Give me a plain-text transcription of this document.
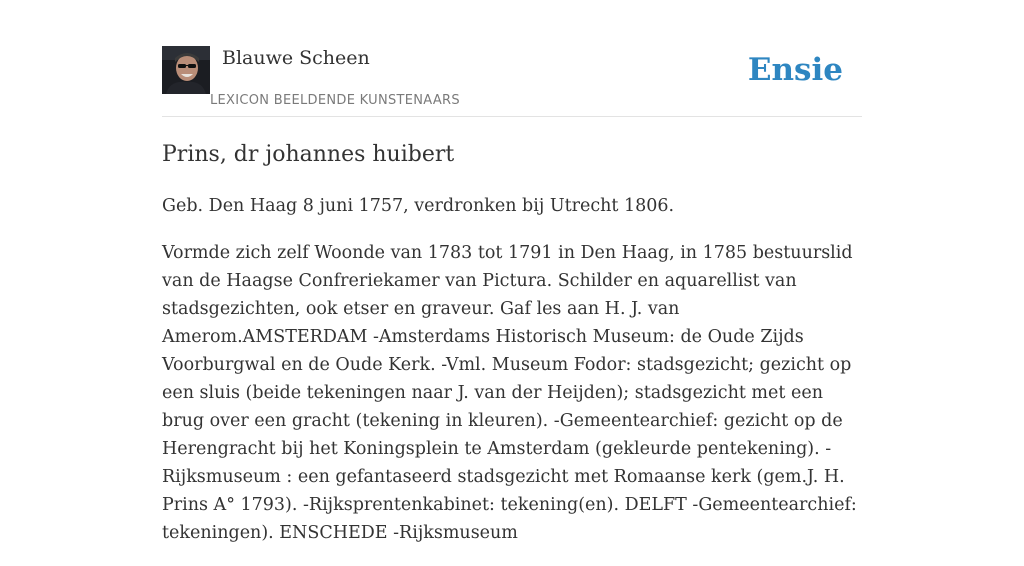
Blauwe Scheen
LEXICON BEELDENDE KUNSTENAARS
Ensie
Prins, dr johannes huibert

Geb. Den Haag 8 juni 1757, verdronken bij Utrecht 1806.

Vormde zich zelf Woonde van 1783 tot 1791 in Den Haag, in 1785 bestuurslid van de Haagse Confreriekamer van Pictura. Schilder en aquarellist van stadsgezichten, ook etser en graveur. Gaf les aan H. J. van Amerom.AMSTERDAM -Amsterdams Historisch Museum: de Oude Zijds Voorburgwal en de Oude Kerk. -Vml. Museum Fodor: stadsgezicht; gezicht op een sluis (beide tekeningen naar J. van der Heijden); stadsgezicht met een brug over een gracht (tekening in kleuren). -Gemeentearchief: gezicht op de Herengracht bij het Koningsplein te Amsterdam (gekleurde pentekening). -Rijksmuseum : een gefantaseerd stadsgezicht met Romaanse kerk (gem.J. H. Prins A° 1793). -Rijksprentenkabinet: tekening(en). DELFT -Gemeentearchief: tekeningen). ENSCHEDE -Rijksmuseum
